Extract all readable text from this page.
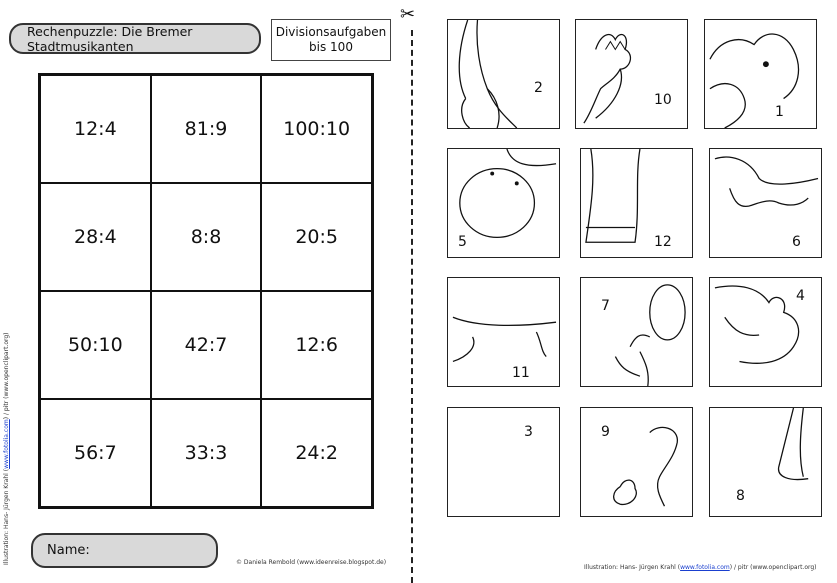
Rechenpuzzle: Die Bremer Stadtmusikanten
Divisionsaufgaben
bis 100
12:4	81:9	100:10
28:4	8:8	20:5
50:10	42:7	12:6
56:7	33:3	24:2
Name:
© Daniela Rembold (www.ideenreise.blogspot.de)
Illustration: Hans- Jürgen Krahl (www.fotolia.com) / pitr (www.openclipart.org)
✂
2
10
1
5	12	6
11
7
4
3	9
8
Illustration: Hans- Jürgen Krahl (www.fotolia.com) / pitr (www.openclipart.org)
